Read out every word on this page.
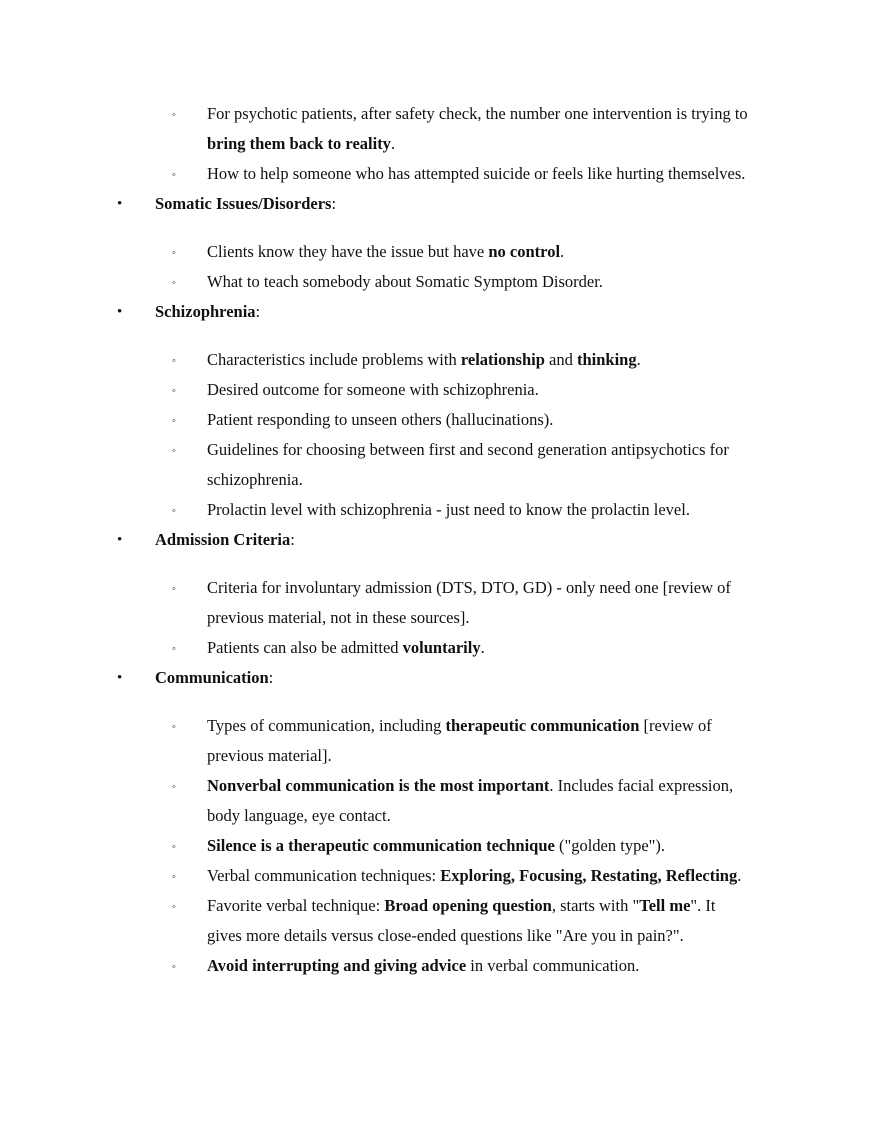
◦ For psychotic patients, after safety check, the number one intervention is trying to
bring them back to reality.
◦ How to help someone who has attempted suicide or feels like hurting themselves.
• Somatic Issues/Disorders:
◦ Clients know they have the issue but have no control.
◦ What to teach somebody about Somatic Symptom Disorder.
• Schizophrenia:
◦ Characteristics include problems with relationship and thinking.
◦ Desired outcome for someone with schizophrenia.
◦ Patient responding to unseen others (hallucinations).
◦ Guidelines for choosing between first and second generation antipsychotics for
schizophrenia.
◦ Prolactin level with schizophrenia - just need to know the prolactin level.
• Admission Criteria:
◦ Criteria for involuntary admission (DTS, DTO, GD) - only need one [review of
previous material, not in these sources].
◦ Patients can also be admitted voluntarily.
• Communication:
◦ Types of communication, including therapeutic communication [review of
previous material].
◦ Nonverbal communication is the most important. Includes facial expression,
body language, eye contact.
◦ Silence is a therapeutic communication technique ("golden type").
◦ Verbal communication techniques: Exploring, Focusing, Restating, Reflecting.
◦ Favorite verbal technique: Broad opening question, starts with "Tell me". It
gives more details versus close-ended questions like "Are you in pain?".
◦ Avoid interrupting and giving advice in verbal communication.
